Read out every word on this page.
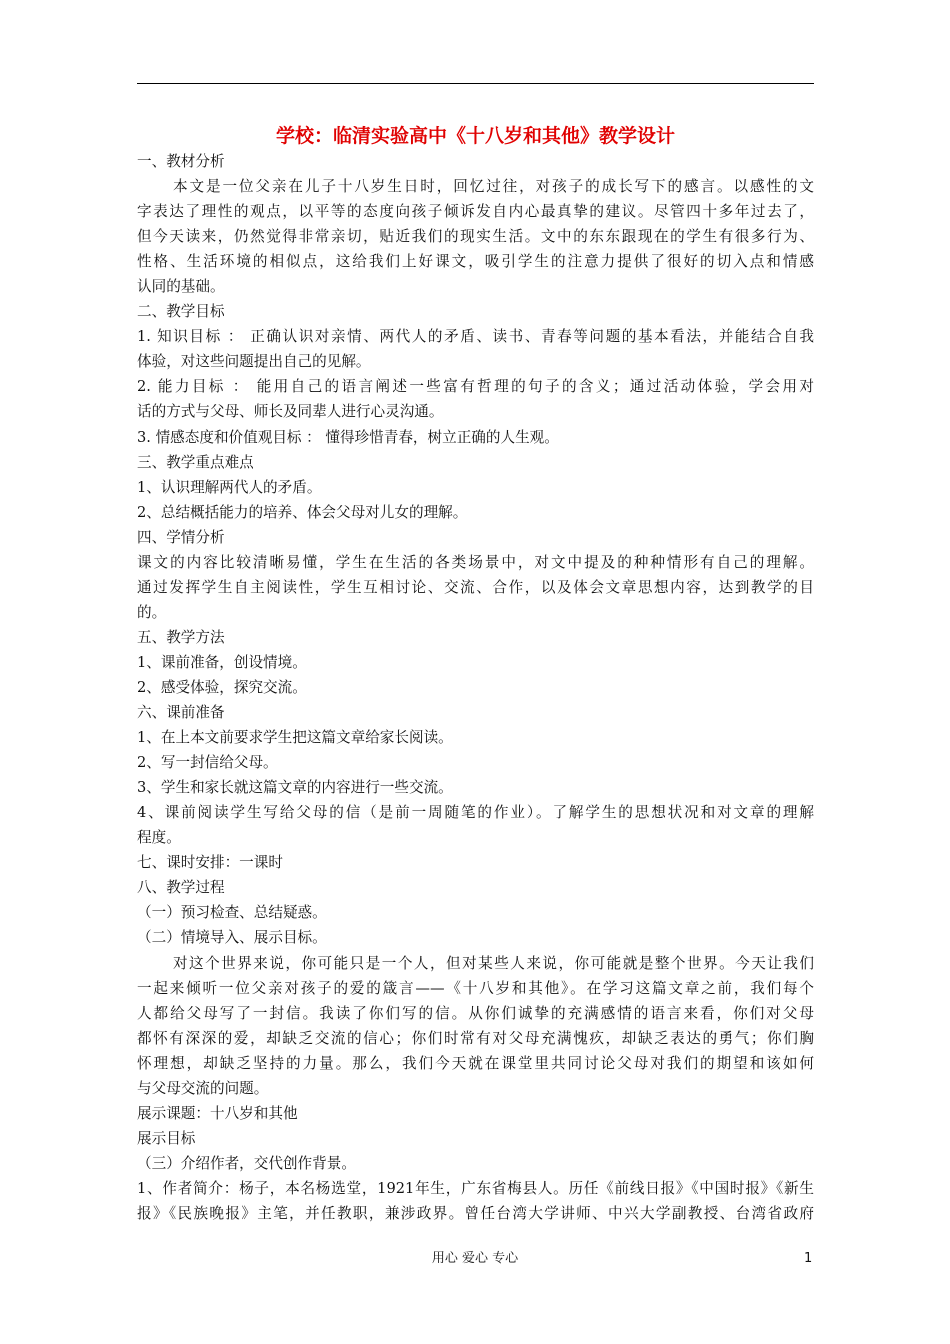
学校：临清实验高中《十八岁和其他》教学设计
一、教材分析
本文是一位父亲在儿子十八岁生日时，回忆过往，对孩子的成长写下的感言。以感性的文
字表达了理性的观点，以平等的态度向孩子倾诉发自内心最真挚的建议。尽管四十多年过去了，
但今天读来，仍然觉得非常亲切，贴近我们的现实生活。文中的东东跟现在的学生有很多行为、
性格、生活环境的相似点，这给我们上好课文，吸引学生的注意力提供了很好的切入点和情感
认同的基础。
二、教学目标
1. 知识目标 ： 正确认识对亲情、两代人的矛盾、读书、青春等问题的基本看法，并能结合自我
体验，对这些问题提出自己的见解。
2. 能力目标 ： 能用自己的语言阐述一些富有哲理的句子的含义；通过活动体验，学会用对
话的方式与父母、师长及同辈人进行心灵沟通。
3. 情感态度和价值观目标 ： 懂得珍惜青春，树立正确的人生观。
三、教学重点难点
1、认识理解两代人的矛盾。
2、总结概括能力的培养、体会父母对儿女的理解。
四、学情分析
课文的内容比较清晰易懂，学生在生活的各类场景中，对文中提及的种种情形有自己的理解。
通过发挥学生自主阅读性，学生互相讨论、交流、合作，以及体会文章思想内容，达到教学的目
的。
五、教学方法
1、课前准备，创设情境。
2、感受体验，探究交流。
六、课前准备
1、在上本文前要求学生把这篇文章给家长阅读。
2、写一封信给父母。
3、学生和家长就这篇文章的内容进行一些交流。
4、课前阅读学生写给父母的信（是前一周随笔的作业）。了解学生的思想状况和对文章的理解
程度。
七、课时安排：一课时
八、教学过程
（一）预习检查、总结疑惑。
（二）情境导入、展示目标。
对这个世界来说，你可能只是一个人，但对某些人来说，你可能就是整个世界。今天让我们
一起来倾听一位父亲对孩子的爱的箴言——《十八岁和其他》。在学习这篇文章之前，我们每个
人都给父母写了一封信。我读了你们写的信。从你们诚挚的充满感情的语言来看，你们对父母
都怀有深深的爱，却缺乏交流的信心；你们时常有对父母充满愧疚，却缺乏表达的勇气；你们胸
怀理想，却缺乏坚持的力量。那么，我们今天就在课堂里共同讨论父母对我们的期望和该如何
与父母交流的问题。
展示课题：十八岁和其他
展示目标
（三）介绍作者，交代创作背景。
1、作者简介：杨子，本名杨选堂，1921年生，广东省梅县人。历任《前线日报》《中国时报》《新生
报》《民族晚报》主笔，并任教职，兼涉政界。曾任台湾大学讲师、中兴大学副教授、台湾省政府
用心 爱心 专心	1
